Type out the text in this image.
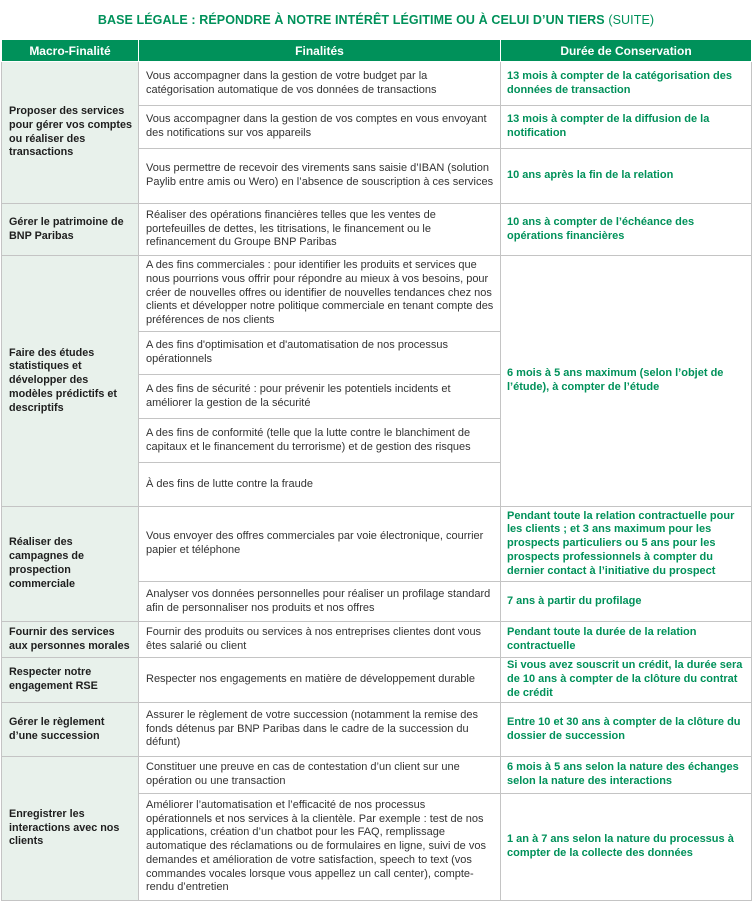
BASE LÉGALE : RÉPONDRE À NOTRE INTÉRÊT LÉGITIME OU À CELUI D’UN TIERS (SUITE)
Macro-Finalité	Finalités	Durée de Conservation
Proposer des services pour gérer vos comptes ou réaliser des transactions	Vous accompagner dans la gestion de votre budget par la catégorisation automatique de vos données de transactions	13 mois à compter de la catégorisation des données de transaction
	Vous accompagner dans la gestion de vos comptes en vous envoyant des notifications sur vos appareils	13 mois à compter de la diffusion de la notification
	Vous permettre de recevoir des virements sans saisie d’IBAN (solution Paylib entre amis ou Wero) en l’absence de souscription à ces services	10 ans après la fin de la relation
Gérer le patrimoine de BNP Paribas	Réaliser des opérations financières telles que les ventes de portefeuilles de dettes, les titrisations, le financement ou le refinancement du Groupe BNP Paribas	10 ans à compter de l’échéance des opérations financières
Faire des études statistiques et développer des modèles prédictifs et descriptifs	A des fins commerciales : pour identifier les produits et services que nous pourrions vous offrir pour répondre au mieux à vos besoins, pour créer de nouvelles offres ou identifier de nouvelles tendances chez nos clients et développer notre politique commerciale en tenant compte des préférences de nos clients	6 mois à 5 ans maximum (selon l’objet de l’étude), à compter de l’étude
	A des fins d'optimisation et d'automatisation de nos processus opérationnels	
	A des fins de sécurité : pour prévenir les potentiels incidents et améliorer la gestion de la sécurité	
	A des fins de conformité (telle que la lutte contre le blanchiment de capitaux et le financement du terrorisme) et de gestion des risques	
	À des fins de lutte contre la fraude	
Réaliser des campagnes de prospection commerciale	Vous envoyer des offres commerciales par voie électronique, courrier papier et téléphone	Pendant toute la relation contractuelle pour les clients ; et 3 ans maximum pour les prospects particuliers ou 5 ans pour les prospects professionnels à compter du dernier contact à l’initiative du prospect
	Analyser vos données personnelles pour réaliser un profilage standard afin de personnaliser nos produits et nos offres	7 ans à partir du profilage
Fournir des services aux personnes morales	Fournir des produits ou services à nos entreprises clientes dont vous êtes salarié ou client	Pendant toute la durée de la relation contractuelle
Respecter notre engagement RSE	Respecter nos engagements en matière de développement durable	Si vous avez souscrit un crédit, la durée sera de 10 ans à compter de la clôture du contrat de crédit
Gérer le règlement d’une succession	Assurer le règlement de votre succession (notamment la remise des fonds détenus par BNP Paribas dans le cadre de la succession du défunt)	Entre 10 et 30 ans à compter de la clôture du dossier de succession
Enregistrer les interactions avec nos clients	Constituer une preuve en cas de contestation d’un client sur une opération ou une transaction	6 mois à 5 ans selon la nature des échanges selon la nature des interactions
	Améliorer l’automatisation et l’efficacité de nos processus opérationnels et nos services à la clientèle. Par exemple : test de nos applications, création d’un chatbot pour les FAQ, remplissage automatique des réclamations ou de formulaires en ligne, suivi de vos demandes et amélioration de votre satisfaction, speech to text (vos commandes vocales lorsque vous appellez un call center), compte-rendu d’entretien	1 an à 7 ans selon la nature du processus à compter de la collecte des données
